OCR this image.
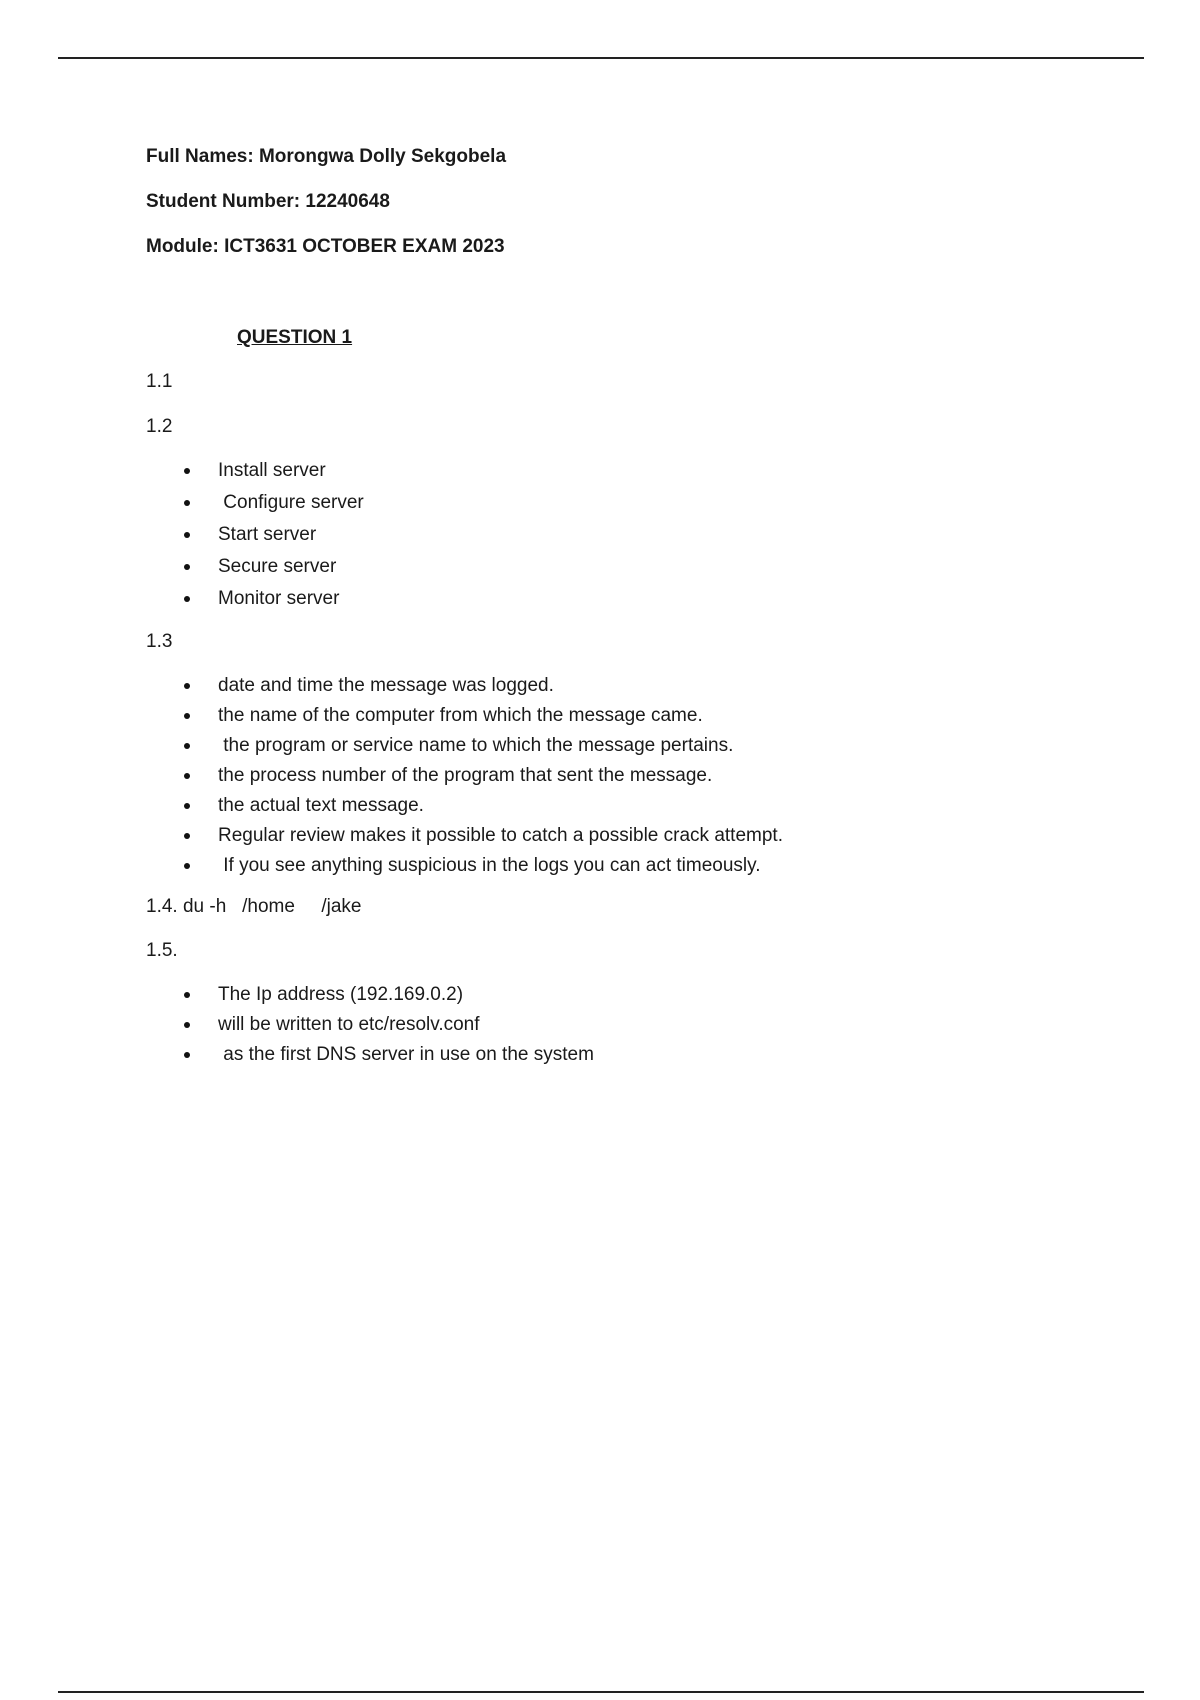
Full Names: Morongwa Dolly Sekgobela

Student Number: 12240648

Module: ICT3631 OCTOBER EXAM 2023

QUESTION 1

1.1

1.2

Install server
Configure server
Start server
Secure server
Monitor server

1.3

date and time the message was logged.
the name of the computer from which the message came.
the program or service name to which the message pertains.
the process number of the program that sent the message.
the actual text message.
Regular review makes it possible to catch a possible crack attempt.
If you see anything suspicious in the logs you can act timeously.

1.4. du -h   /home     /jake

1.5.

The Ip address (192.169.0.2)
will be written to etc/resolv.conf
as the first DNS server in use on the system
